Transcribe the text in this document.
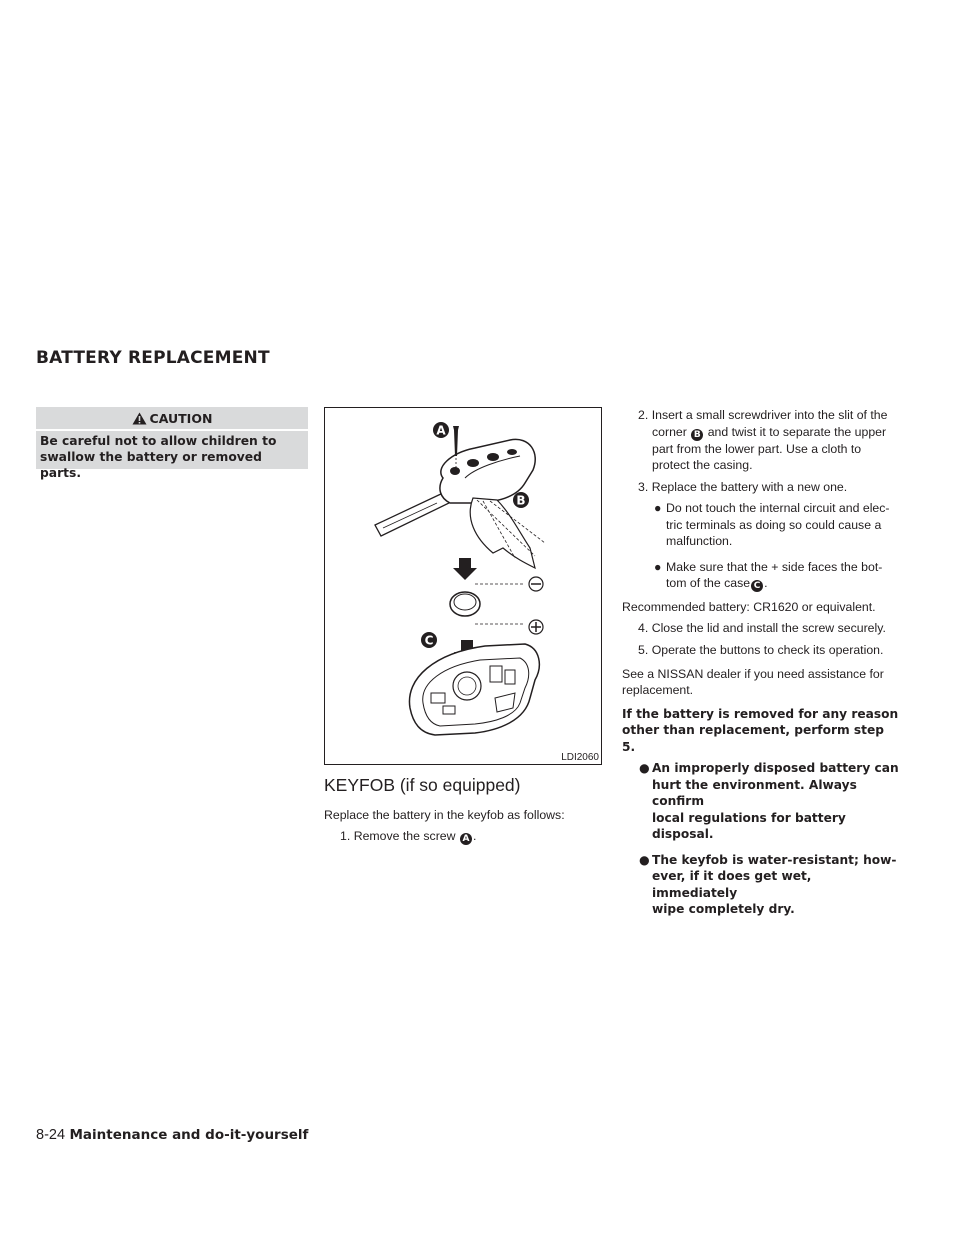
BATTERY REPLACEMENT
CAUTION
Be careful not to allow children to swallow the battery or removed parts.
A
B
C
LDI2060
KEYFOB (if so equipped)

Replace the battery in the keyfob as follows:

1. Remove the screw A .

2. Insert a small screwdriver into the slit of the

corner B and twist it to separate the upper

part from the lower part. Use a cloth to

protect the casing.

3. Replace the battery with a new one.

● Do not touch the internal circuit and elec-

tric terminals as doing so could cause a

malfunction.

● Make sure that the + side faces the bot-

tom of the case C .

Recommended battery: CR1620 or equivalent.

4. Close the lid and install the screw securely.

5. Operate the buttons to check its operation.

See a NISSAN dealer if you need assistance for

replacement.

If the battery is removed for any reason

other than replacement, perform step 5.

● An improperly disposed battery can

hurt the environment. Always confirm

local regulations for battery disposal.

● The keyfob is water-resistant; how-

ever, if it does get wet, immediately

wipe completely dry.

8-24 Maintenance and do-it-yourself
